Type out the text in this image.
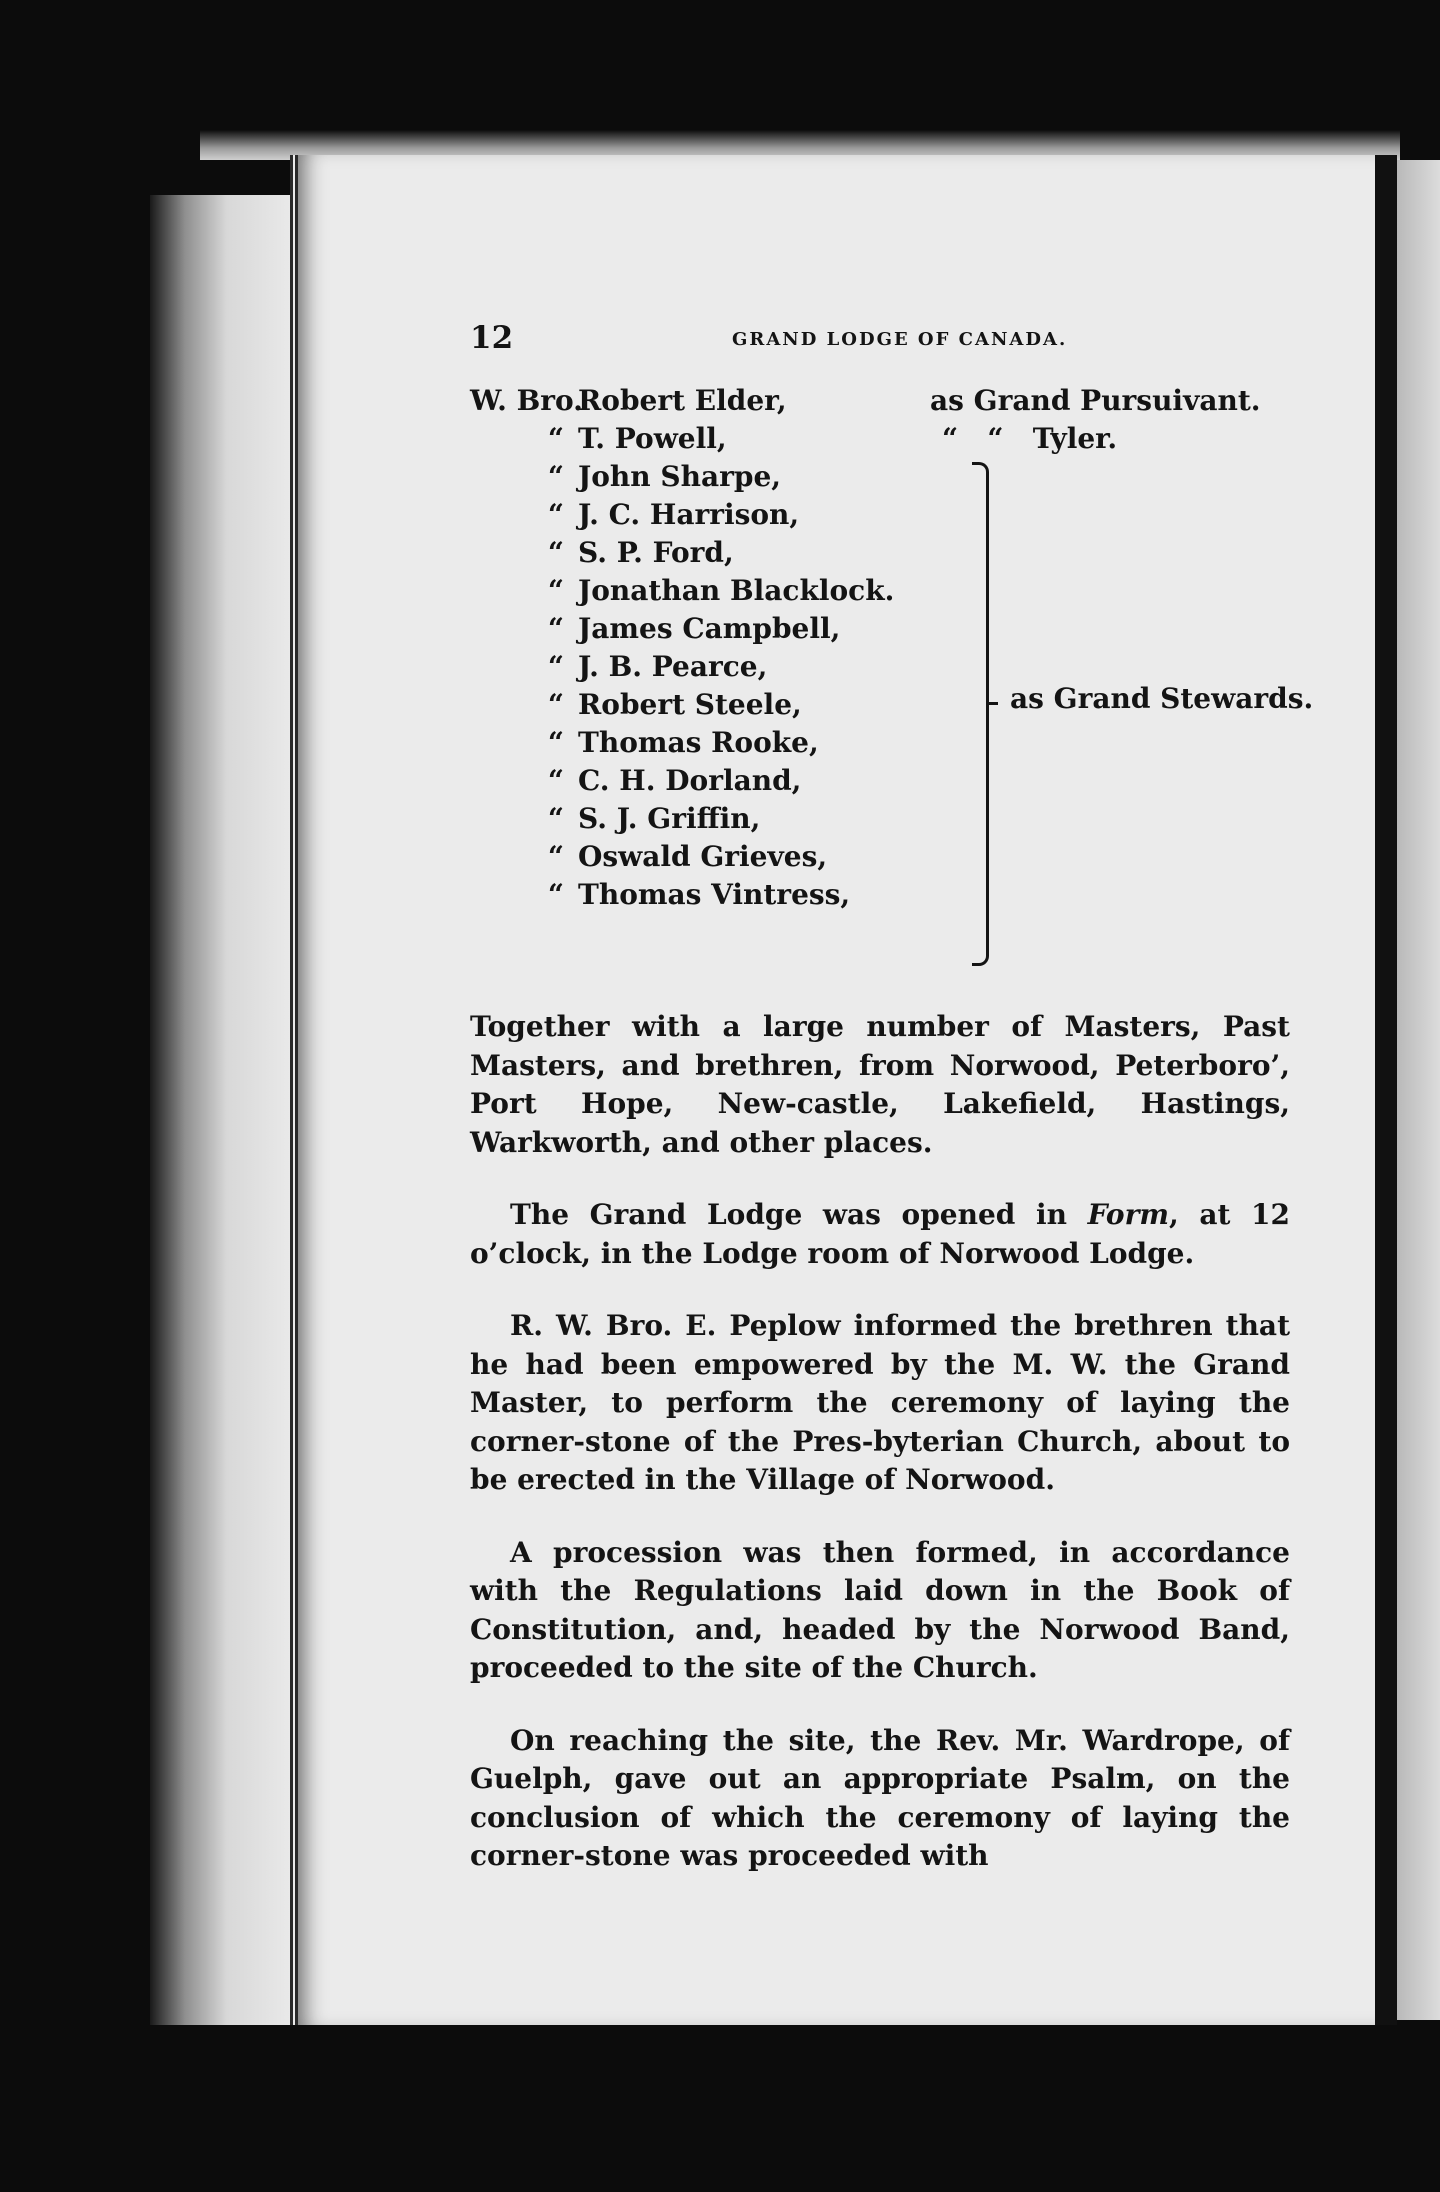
12	GRAND LODGE OF CANADA.
W. Bro.Robert Elder,
“ T. Powell,
“ John Sharpe,
“ J. C. Harrison,
“ S. P. Ford,
“ Jonathan Blacklock.
“ James Campbell,
“ J. B. Pearce,
“ Robert Steele,
“ Thomas Rooke,
“ C. H. Dorland,
“ S. J. Griffin,
“ Oswald Grieves,
“ Thomas Vintress,
as Grand Pursuivant.
“   “   Tyler.
as Grand Stewards.

Together with a large number of Masters, Past Masters, and brethren, from Norwood, Peterboro’, Port Hope, New-castle, Lakefield, Hastings, Warkworth, and other places.

The Grand Lodge was opened in Form, at 12 o’clock, in the Lodge room of Norwood Lodge.

R. W. Bro. E. Peplow informed the brethren that he had been empowered by the M. W. the Grand Master, to perform the ceremony of laying the corner-stone of the Pres-byterian Church, about to be erected in the Village of Norwood.

A procession was then formed, in accordance with the Regulations laid down in the Book of Constitution, and, headed by the Norwood Band, proceeded to the site of the Church.

On reaching the site, the Rev. Mr. Wardrope, of Guelph, gave out an appropriate Psalm, on the conclusion of which the ceremony of laying the corner-stone was proceeded with
